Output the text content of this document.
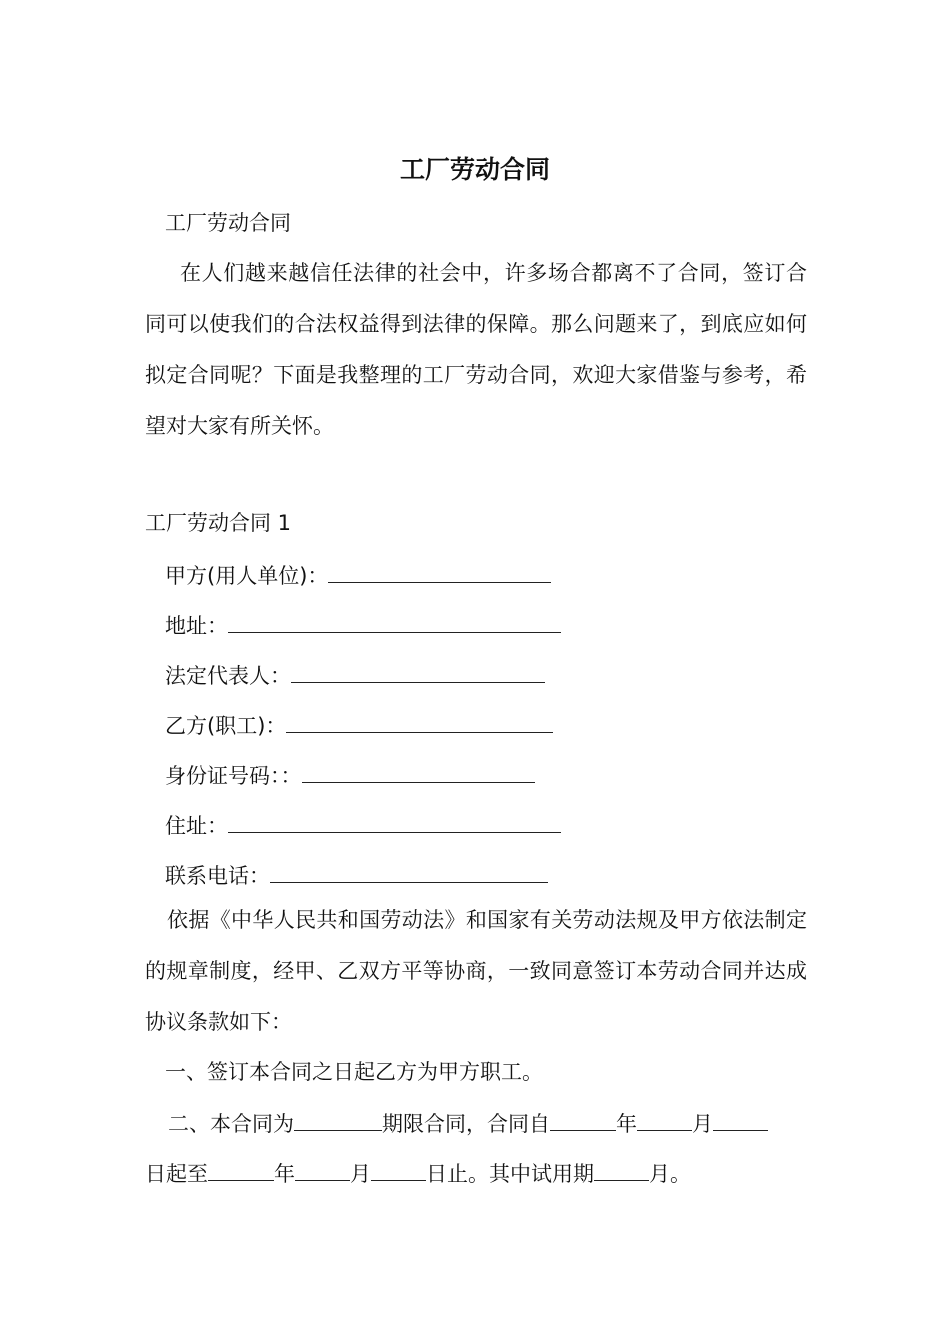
工厂劳动合同

工厂劳动合同

在人们越来越信任法律的社会中，许多场合都离不了合同，签订合同可以使我们的合法权益得到法律的保障。那么问题来了，到底应如何拟定合同呢？下面是我整理的工厂劳动合同，欢迎大家借鉴与参考，希望对大家有所关怀。

工厂劳动合同 1

甲方(用人单位)：
地址：
法定代表人：
乙方(职工)：
身份证号码：：
住址：
联系电话：

依据《中华人民共和国劳动法》和国家有关劳动法规及甲方依法制定的规章制度，经甲、乙双方平等协商，一致同意签订本劳动合同并达成协议条款如下：

一、签订本合同之日起乙方为甲方职工。

二、本合同为	期限合同，合同自	年	月
日起至	年	月	日止。其中试用期	月。
